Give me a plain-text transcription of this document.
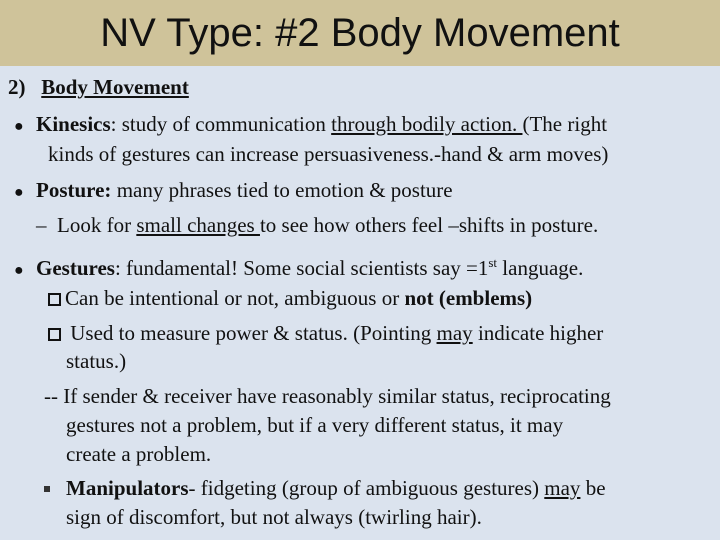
NV Type: #2 Body Movement
2) Body Movement
● Kinesics: study of communication through bodily action. (The right
kinds of gestures can increase persuasiveness.-hand & arm moves)
● Posture: many phrases tied to emotion & posture
– Look for small changes to see how others feel –shifts in posture.
● Gestures: fundamental! Some social scientists say =1st language.
Can be intentional or not, ambiguous or not (emblems)
Used to measure power & status. (Pointing may indicate higher
status.)
-- If sender & receiver have reasonably similar status, reciprocating
gestures not a problem, but if a very different status, it may
create a problem.
Manipulators- fidgeting (group of ambiguous gestures) may be
sign of discomfort, but not always (twirling hair).
